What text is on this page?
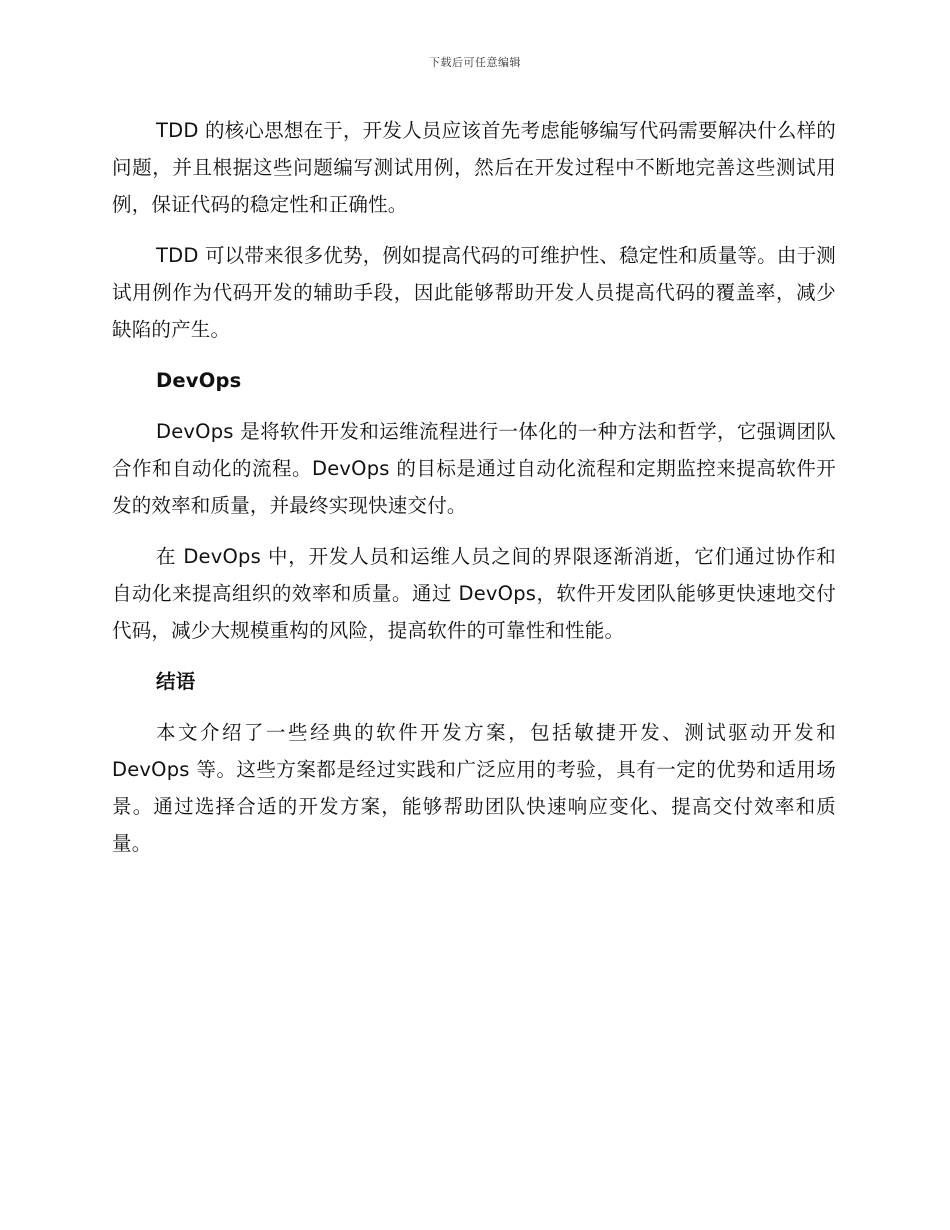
下载后可任意编辑

TDD 的核心思想在于，开发人员应该首先考虑能够编写代码需要解决什么样的问题，并且根据这些问题编写测试用例，然后在开发过程中不断地完善这些测试用例，保证代码的稳定性和正确性。

TDD 可以带来很多优势，例如提高代码的可维护性、稳定性和质量等。由于测试用例作为代码开发的辅助手段，因此能够帮助开发人员提高代码的覆盖率，减少缺陷的产生。

DevOps

DevOps 是将软件开发和运维流程进行一体化的一种方法和哲学，它强调团队合作和自动化的流程。DevOps 的目标是通过自动化流程和定期监控来提高软件开发的效率和质量，并最终实现快速交付。

在 DevOps 中，开发人员和运维人员之间的界限逐渐消逝，它们通过协作和自动化来提高组织的效率和质量。通过 DevOps，软件开发团队能够更快速地交付代码，减少大规模重构的风险，提高软件的可靠性和性能。

结语

本文介绍了一些经典的软件开发方案，包括敏捷开发、测试驱动开发和 DevOps 等。这些方案都是经过实践和广泛应用的考验，具有一定的优势和适用场景。通过选择合适的开发方案，能够帮助团队快速响应变化、提高交付效率和质量。
